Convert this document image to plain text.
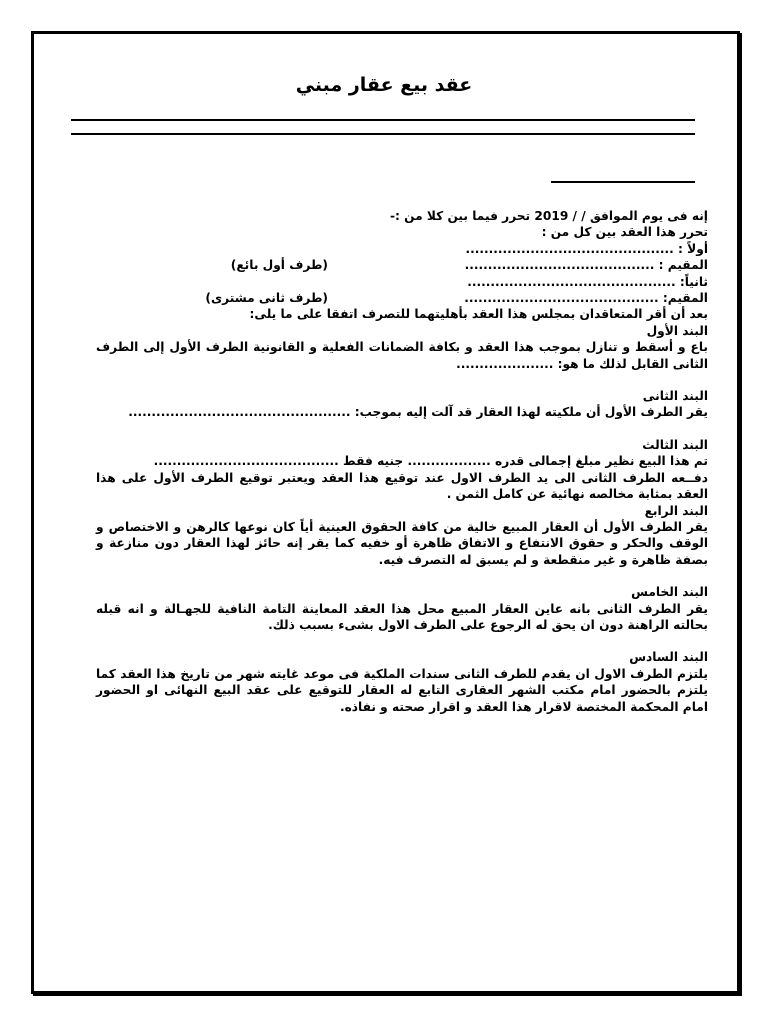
عقد بيع عقار مبني

إنه فى يوم الموافق / / 2019 تحرر فيما بين كلا من :-

تحرر هذا العقد بين كل من :

أولاً : .............................................

المقيم : .........................................
(طرف أول بائع)

ثانياً: .............................................

المقيم: ..........................................
(طرف ثانى مشترى)

بعد أن أقر المتعاقدان بمجلس هذا العقد بأهليتهما للتصرف اتفقا على ما يلى:

البند الأول

باع و أسقط و تنازل بموجب هذا العقد و بكافة الضمانات الفعلية و القانونية الطرف الأول إلى الطرف الثانى القابل لذلك ما هو: .....................

البند الثانى

يقر الطرف الأول أن ملكيته لهذا العقار قد آلت إليه بموجب: ................................................

البند الثالث

تم هذا البيع نظير مبلغ إجمالى قدره .................. جنيه فقط ........................................

دفــعه الطرف الثانى الى يد الطرف الاول عند توقيع هذا العقد ويعتبر توقيع الطرف الأول على هذا العقد بمثابة مخالصه نهائية عن كامل الثمن .

البند الرابع

يقر الطرف الأول أن العقار المبيع خالية من كافة الحقوق العينية أياً كان نوعها كالرهن و الاختصاص و الوقف والحكر و حقوق الانتفاع و الاتفاق ظاهرة أو خفيه كما يقر إنه حائز لهذا العقار دون منازعة و بصفة ظاهرة و غير منقطعة و لم يسبق له التصرف فيه.

البند الخامس

يقر الطرف الثانى بانه عاين العقار المبيع محل هذا العقد المعاينة التامة النافية للجهـالة و انه قبله بحالته الراهنة دون ان يحق له الرجوع على الطرف الاول بشىء بسبب ذلك.

البند السادس

يلتزم الطرف الاول ان يقدم للطرف الثانى سندات الملكية فى موعد غايته شهر من تاريخ هذا العقد كما يلتزم بالحضور امام مكتب الشهر العقارى التابع له العقار للتوقيع على عقد البيع النهائى او الحضور امام المحكمة المختصة لاقرار هذا العقد و اقرار صحته و نفاذه.
